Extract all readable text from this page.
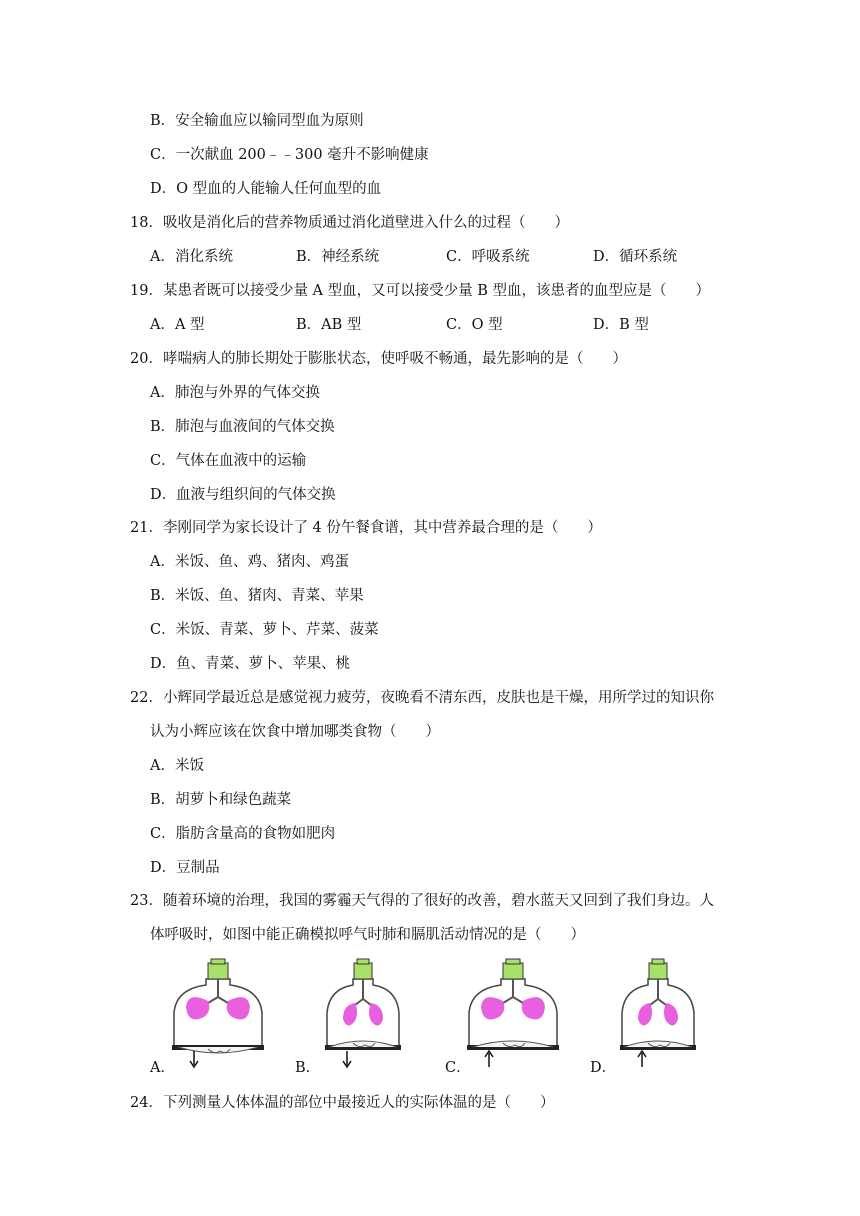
B．安全输血应以输同型血为原则
C．一次献血 200﹣﹣300 毫升不影响健康
D．O 型血的人能输人任何血型的血
18．吸收是消化后的营养物质通过消化道壁进入什么的过程（　　）
A．消化系统	B．神经系统	C．呼吸系统	D．循环系统
19．某患者既可以接受少量 A 型血，又可以接受少量 B 型血，该患者的血型应是（　　）
A．A 型	B．AB 型	C．O 型	D．B 型
20．哮喘病人的肺长期处于膨胀状态，使呼吸不畅通，最先影响的是（　　）
A．肺泡与外界的气体交换
B．肺泡与血液间的气体交换
C．气体在血液中的运输
D．血液与组织间的气体交换
21．李刚同学为家长设计了 4 份午餐食谱，其中营养最合理的是（　　）
A．米饭、鱼、鸡、猪肉、鸡蛋
B．米饭、鱼、猪肉、青菜、苹果
C．米饭、青菜、萝卜、芹菜、菠菜
D．鱼、青菜、萝卜、苹果、桃
22．小辉同学最近总是感觉视力疲劳，夜晚看不清东西，皮肤也是干燥，用所学过的知识你
认为小辉应该在饮食中增加哪类食物（　　）
A．米饭
B．胡萝卜和绿色蔬菜
C．脂肪含量高的食物如肥肉
D．豆制品
23．随着环境的治理，我国的雾霾天气得的了很好的改善，碧水蓝天又回到了我们身边。人
体呼吸时，如图中能正确模拟呼气时肺和膈肌活动情况的是（　　）
A．	B．	C．	D．
24．下列测量人体体温的部位中最接近人的实际体温的是（　　）
